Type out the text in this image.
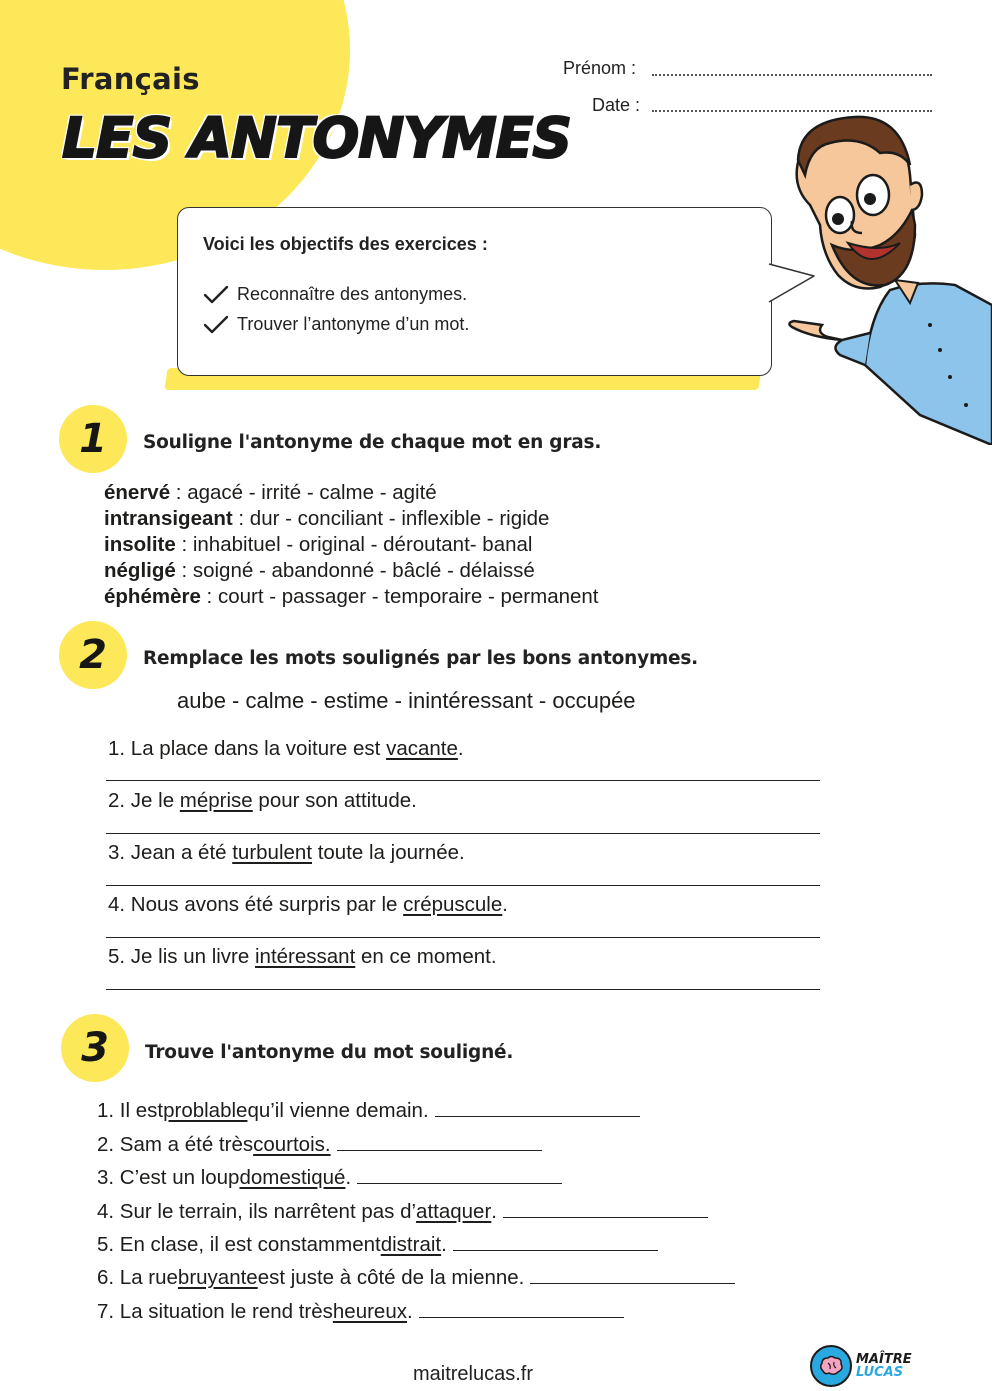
Français
LES ANTONYMES
Prénom :
Date :
Voici les objectifs des exercices :
Reconnaître des antonymes.
Trouver l’antonyme d’un mot.
1	Souligne l'antonyme de chaque mot en gras.
énervé : agacé - irrité - calme - agité
intransigeant : dur - conciliant - inflexible - rigide
insolite : inhabituel - original - déroutant- banal
négligé : soigné - abandonné - bâclé - délaissé
éphémère : court - passager - temporaire - permanent
2	Remplace les mots soulignés par les bons antonymes.
aube - calme - estime - inintéressant - occupée
1. La place dans la voiture est vacante.
2. Je le méprise pour son attitude.
3. Jean a été turbulent toute la journée.
4. Nous avons été surpris par le crépuscule.
5. Je lis un livre intéressant en ce moment.
3	Trouve l'antonyme du mot souligné.
1. Il est problable qu’il vienne demain.
2. Sam a été très courtois.
3. C’est un loup domestiqué .
4. Sur le terrain, ils narrêtent pas d’ attaquer .
5. En clase, il est constamment distrait .
6. La rue bruyante est juste à côté de la mienne.
7. La situation le rend très heureux .
maitrelucas.fr
MAÎTRE
LUCAS
